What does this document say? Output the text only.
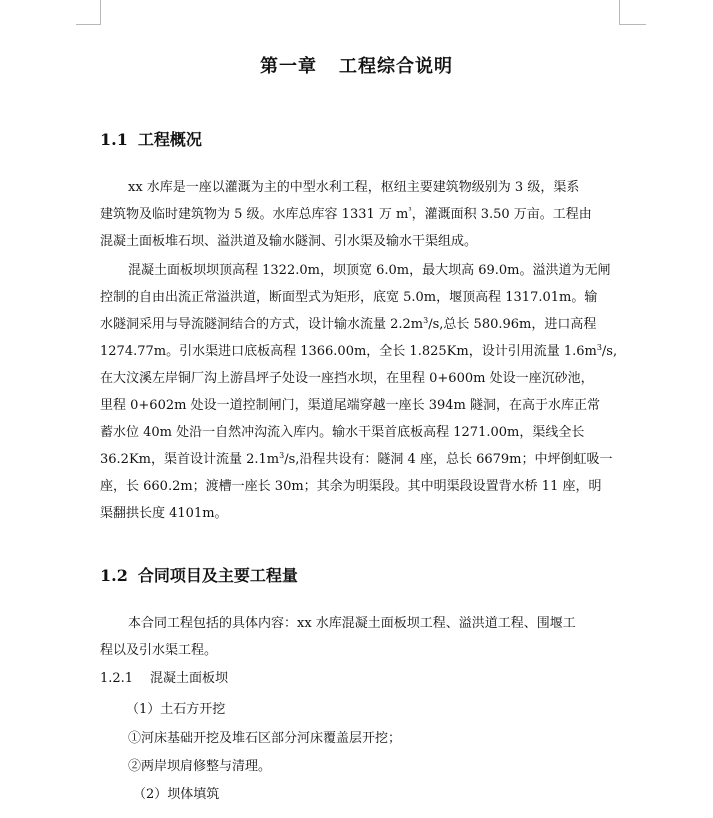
第一章 工程综合说明
1.1 工程概况
xx 水库是一座以灌溉为主的中型水利工程，枢纽主要建筑物级别为 3 级，渠系
建筑物及临时建筑物为 5 级。水库总库容 1331 万 $m^{^3}$，灌溉面积 3.50 万亩。工程由
混凝土面板堆石坝、溢洪道及输水隧洞、引水渠及输水干渠组成。
混凝土面板坝坝顶高程 1322.0m，坝顶宽 6.0m，最大坝高 69.0m。溢洪道为无闸
控制的自由出流正常溢洪道，断面型式为矩形，底宽 5.0m，堰顶高程 1317.01m。输
水隧洞采用与导流隧洞结合的方式，设计输水流量 $2.2m^3/s$,总长 580.96m，进口高程
1274.77m。引水渠进口底板高程 1366.00m，全长 1.825Km，设计引用流量 $1.6m^3/s$,
在大汶溪左岸铜厂沟上游昌坪子处设一座挡水坝，在里程 0+600m 处设一座沉砂池，
里程 0+602m 处设一道控制闸门，渠道尾端穿越一座长 394m 隧洞，在高于水库正常
蓄水位 40m 处沿一自然冲沟流入库内。输水干渠首底板高程 1271.00m，渠线全长
36.2Km，渠首设计流量 $2.1m^3/s$,沿程共设有：隧洞 4 座，总长 6679m；中坪倒虹吸一
座，长 660.2m；渡槽一座长 30m；其余为明渠段。其中明渠段设置背水桥 11 座，明
渠翻拱长度 4101m。
1.2 合同项目及主要工程量
本合同工程包括的具体内容：xx 水库混凝土面板坝工程、溢洪道工程、围堰工
程以及引水渠工程。
1.2.1 混凝土面板坝
（1）土石方开挖
①河床基础开挖及堆石区部分河床覆盖层开挖；
②两岸坝肩修整与清理。
（2）坝体填筑
